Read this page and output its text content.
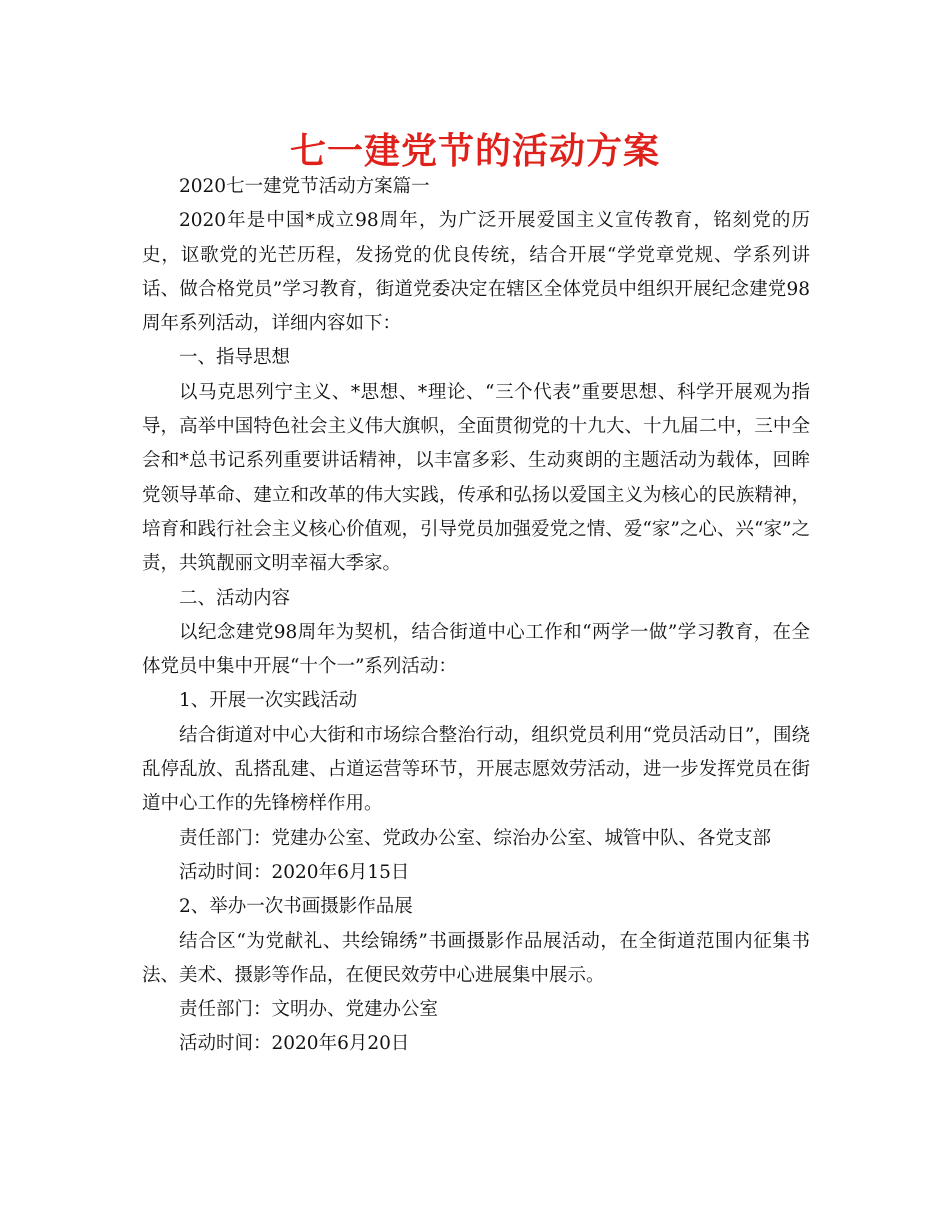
七一建党节的活动方案

2020七一建党节活动方案篇一

2020年是中国*成立98周年，为广泛开展爱国主义宣传教育，铭刻党的历史，讴歌党的光芒历程，发扬党的优良传统，结合开展“学党章党规、学系列讲话、做合格党员”学习教育，街道党委决定在辖区全体党员中组织开展纪念建党98周年系列活动，详细内容如下：

一、指导思想

以马克思列宁主义、*思想、*理论、“三个代表”重要思想、科学开展观为指导，高举中国特色社会主义伟大旗帜，全面贯彻党的十九大、十九届二中，三中全会和*总书记系列重要讲话精神，以丰富多彩、生动爽朗的主题活动为载体，回眸党领导革命、建立和改革的伟大实践，传承和弘扬以爱国主义为核心的民族精神，培育和践行社会主义核心价值观，引导党员加强爱党之情、爱“家”之心、兴“家”之责，共筑靓丽文明幸福大季家。

二、活动内容

以纪念建党98周年为契机，结合街道中心工作和“两学一做”学习教育，在全体党员中集中开展“十个一”系列活动：

1、开展一次实践活动

结合街道对中心大街和市场综合整治行动，组织党员利用“党员活动日”，围绕乱停乱放、乱搭乱建、占道运营等环节，开展志愿效劳活动，进一步发挥党员在街道中心工作的先锋榜样作用。

责任部门：党建办公室、党政办公室、综治办公室、城管中队、各党支部

活动时间：2020年6月15日

2、举办一次书画摄影作品展

结合区“为党献礼、共绘锦绣”书画摄影作品展活动，在全街道范围内征集书法、美术、摄影等作品，在便民效劳中心进展集中展示。

责任部门：文明办、党建办公室

活动时间：2020年6月20日
